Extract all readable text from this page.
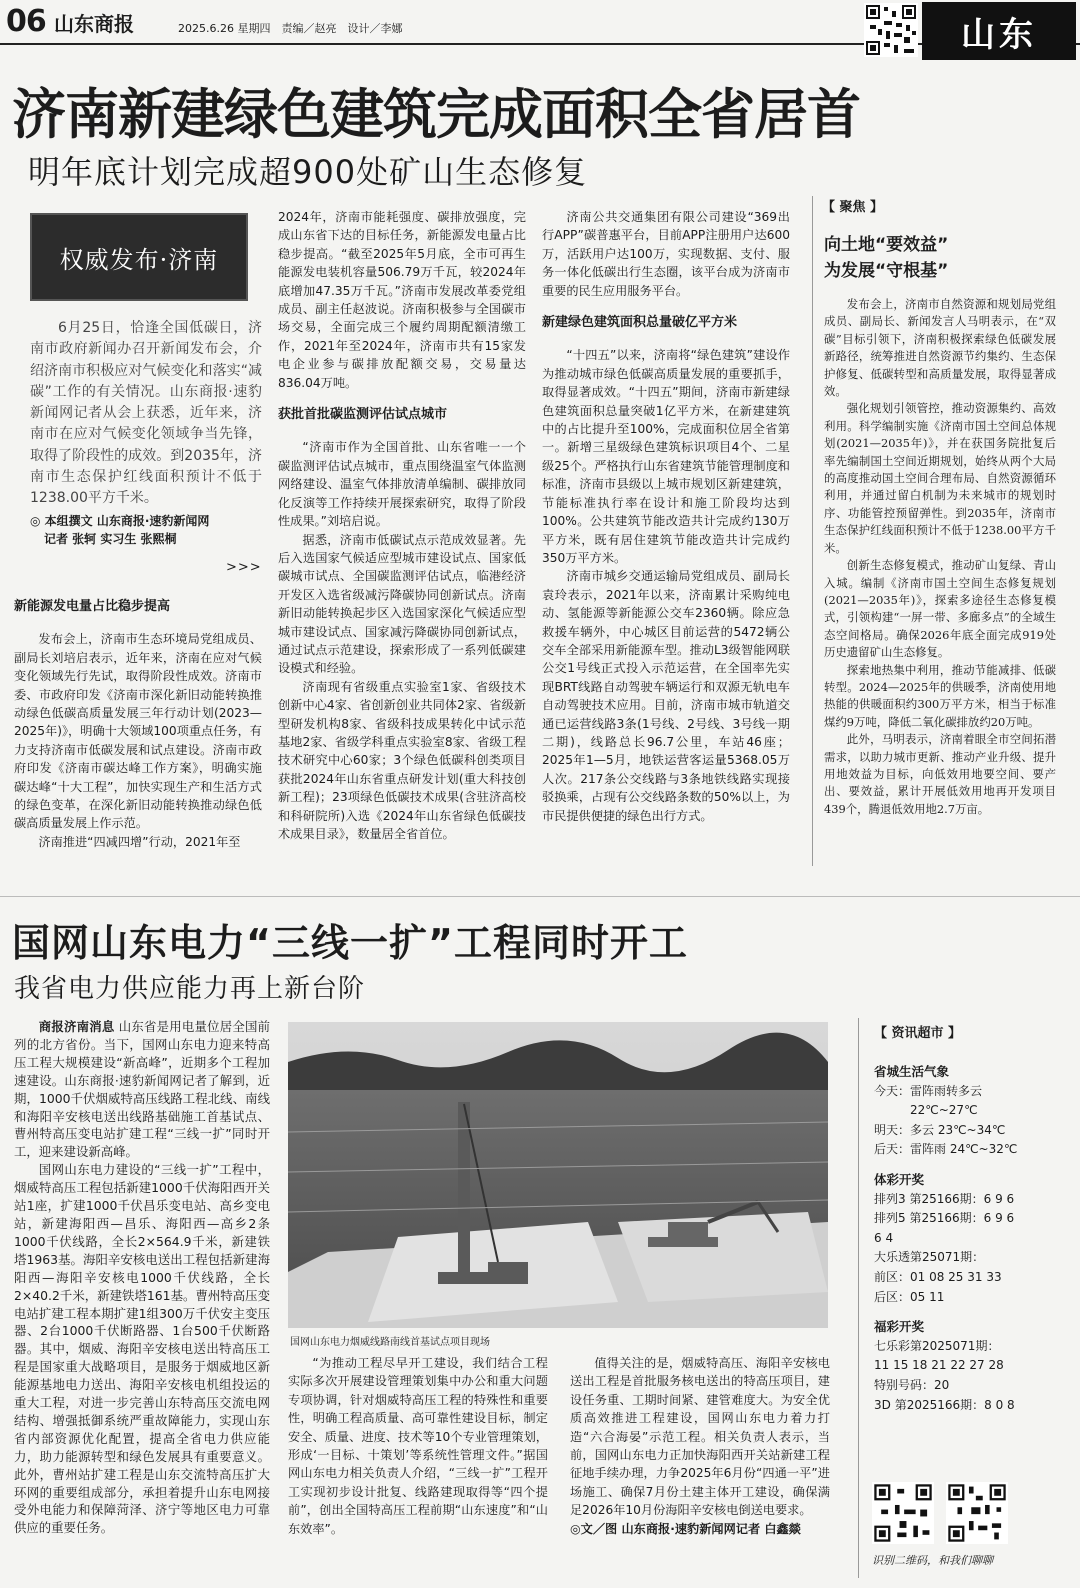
06 山东商报	2025.6.26 星期四　责编／赵亮　设计／李娜	山东
济南新建绿色建筑完成面积全省居首
明年底计划完成超900处矿山生态修复
权威发布·济南
6月25日，恰逢全国低碳日，济南市政府新闻办召开新闻发布会，介绍济南市积极应对气候变化和落实“减碳”工作的有关情况。山东商报·速豹新闻网记者从会上获悉，近年来，济南市在应对气候变化领域争当先锋，取得了阶段性的成效。到2035年，济南市生态保护红线面积预计不低于1238.00平方千米。
◎ 本组撰文 山东商报·速豹新闻网
记者 张轲 实习生 张熙桐
>>>
新能源发电量占比稳步提高

发布会上，济南市生态环境局党组成员、副局长刘培启表示，近年来，济南在应对气候变化领域先行先试，取得阶段性成效。济南市委、市政府印发《济南市深化新旧动能转换推动绿色低碳高质量发展三年行动计划(2023—2025年)》，明确十大领域100项重点任务，有力支持济南市低碳发展和试点建设。济南市政府印发《济南市碳达峰工作方案》，明确实施碳达峰“十大工程”，加快实现生产和生活方式的绿色变革，在深化新旧动能转换推动绿色低碳高质量发展上作示范。

济南推进“四减四增”行动，2021年至

2024年，济南市能耗强度、碳排放强度，完成山东省下达的目标任务，新能源发电量占比稳步提高。“截至2025年5月底，全市可再生能源发电装机容量506.79万千瓦，较2024年底增加47.35万千瓦。”济南市发展改革委党组成员、副主任赵波说。济南积极参与全国碳市场交易，全面完成三个履约周期配额清缴工作，2021年至2024年，济南市共有15家发电企业参与碳排放配额交易，交易量达836.04万吨。

获批首批碳监测评估试点城市

“济南市作为全国首批、山东省唯一一个碳监测评估试点城市，重点围绕温室气体监测网络建设、温室气体排放清单编制、碳排放同化反演等工作持续开展探索研究，取得了阶段性成果。”刘培启说。

据悉，济南市低碳试点示范成效显著。先后入选国家气候适应型城市建设试点、国家低碳城市试点、全国碳监测评估试点，临港经济开发区入选省级减污降碳协同创新试点。济南新旧动能转换起步区入选国家深化气候适应型城市建设试点、国家减污降碳协同创新试点，通过试点示范建设，探索形成了一系列低碳建设模式和经验。

济南现有省级重点实验室1家、省级技术创新中心4家、省创新创业共同体2家、省级新型研发机构8家、省级科技成果转化中试示范基地2家、省级学科重点实验室8家、省级工程技术研究中心60家；3个绿色低碳科创类项目获批2024年山东省重点研发计划(重大科技创新工程)；23项绿色低碳技术成果(含驻济高校和科研院所)入选《2024年山东省绿色低碳技术成果目录》，数量居全省首位。

济南公共交通集团有限公司建设“369出行APP”碳普惠平台，目前APP注册用户达600万，活跃用户达100万，实现数据、支付、服务一体化低碳出行生态圈，该平台成为济南市重要的民生应用服务平台。

新建绿色建筑面积总量破亿平方米

“十四五”以来，济南将“绿色建筑”建设作为推动城市绿色低碳高质量发展的重要抓手，取得显著成效。“十四五”期间，济南市新建绿色建筑面积总量突破1亿平方米，在新建建筑中的占比提升至100%，完成面积位居全省第一。新增三星级绿色建筑标识项目4个、二星级25个。严格执行山东省建筑节能管理制度和标准，济南市县级以上城市规划区新建建筑，节能标准执行率在设计和施工阶段均达到100%。公共建筑节能改造共计完成约130万平方米，既有居住建筑节能改造共计完成约350万平方米。

济南市城乡交通运输局党组成员、副局长袁玲表示，2021年以来，济南累计采购纯电动、氢能源等新能源公交车2360辆。除应急救援车辆外，中心城区目前运营的5472辆公交车全部采用新能源车型。推动L3级智能网联公交1号线正式投入示范运营，在全国率先实现BRT线路自动驾驶车辆运行和双源无轨电车自动驾驶技术应用。目前，济南市城市轨道交通已运营线路3条(1号线、2号线、3号线一期二期)，线路总长96.7公里，车站46座；2025年1—5月，地铁运营客运量5368.05万人次。217条公交线路与3条地铁线路实现接驳换乘，占现有公交线路条数的50%以上，为市民提供便捷的绿色出行方式。

【 聚焦 】
向土地“要效益”
为发展“守根基”

发布会上，济南市自然资源和规划局党组成员、副局长、新闻发言人马明表示，在“双碳”目标引领下，济南积极探索绿色低碳发展新路径，统筹推进自然资源节约集约、生态保护修复、低碳转型和高质量发展，取得显著成效。

强化规划引领管控，推动资源集约、高效利用。科学编制实施《济南市国土空间总体规划(2021—2035年)》，并在获国务院批复后率先编制国土空间近期规划，始终从两个大局的高度推动国土空间合理布局、自然资源循环利用，并通过留白机制为未来城市的规划时序、功能管控预留弹性。到2035年，济南市生态保护红线面积预计不低于1238.00平方千米。

创新生态修复模式，推动矿山复绿、青山入城。编制《济南市国土空间生态修复规划(2021—2035年)》，探索多途径生态修复模式，引领构建“一屏一带、多廊多点”的全域生态空间格局。确保2026年底全面完成919处历史遗留矿山生态修复。

探索地热集中利用，推动节能减排、低碳转型。2024—2025年的供暖季，济南使用地热能的供暖面积约300万平方米，相当于标准煤约9万吨，降低二氧化碳排放约20万吨。

此外，马明表示，济南着眼全市空间拓潜需求，以助力城市更新、推动产业升级、提升用地效益为目标，向低效用地要空间、要产出、要效益，累计开展低效用地再开发项目439个，腾退低效用地2.7万亩。

国网山东电力“三线一扩”工程同时开工
我省电力供应能力再上新台阶

商报济南消息 山东省是用电量位居全国前列的北方省份。当下，国网山东电力迎来特高压工程大规模建设“新高峰”，近期多个工程加速建设。山东商报·速豹新闻网记者了解到，近期，1000千伏烟威特高压线路工程北线、南线和海阳辛安核电送出线路基础施工首基试点、曹州特高压变电站扩建工程“三线一扩”同时开工，迎来建设新高峰。

国网山东电力建设的“三线一扩”工程中，烟威特高压工程包括新建1000千伏海阳西开关站1座，扩建1000千伏昌乐变电站、高乡变电站，新建海阳西—昌乐、海阳西—高乡2条1000千伏线路，全长2×564.9千米，新建铁塔1963基。海阳辛安核电送出工程包括新建海阳西—海阳辛安核电1000千伏线路，全长2×40.2千米，新建铁塔161基。曹州特高压变电站扩建工程本期扩建1组300万千伏安主变压器、2台1000千伏断路器、1台500千伏断路器。其中，烟威、海阳辛安核电送出特高压工程是国家重大战略项目，是服务于烟威地区新能源基地电力送出、海阳辛安核电机组投运的重大工程，对进一步完善山东特高压交流电网结构、增强抵御系统严重故障能力，实现山东省内部资源优化配置，提高全省电力供应能力，助力能源转型和绿色发展具有重要意义。此外，曹州站扩建工程是山东交流特高压扩大环网的重要组成部分，承担着提升山东电网接受外电能力和保障菏泽、济宁等地区电力可靠供应的重要任务。

国网山东电力烟威线路南线首基试点项目现场

“为推动工程尽早开工建设，我们结合工程实际多次开展建设管理策划集中办公和重大问题专项协调，针对烟威特高压工程的特殊性和重要性，明确工程高质量、高可靠性建设目标，制定安全、质量、进度、技术等10个专业管理策划，形成‘一目标、十策划’等系统性管理文件。”据国网山东电力相关负责人介绍，“三线一扩”工程开工实现初步设计批复、线路建现取得等“四个提前”，创出全国特高压工程前期“山东速度”和“山东效率”。

值得关注的是，烟威特高压、海阳辛安核电送出工程是首批服务核电送出的特高压项目，建设任务重、工期时间紧、建管难度大。为安全优质高效推进工程建设，国网山东电力着力打造“六合海晏”示范工程。相关负责人表示，当前，国网山东电力正加快海阳西开关站新建工程征地手续办理，力争2025年6月份“四通一平”进场施工、确保7月份土建主体开工建设，确保满足2026年10月份海阳辛安核电倒送电要求。

◎文／图 山东商报·速豹新闻网记者 白鑫燚

【 资讯超市 】
省城生活气象
今天：雷阵雨转多云
22℃~27℃
明天：多云 23℃~34℃
后天：雷阵雨 24℃~32℃
体彩开奖
排列3 第25166期：6 9 6
排列5 第25166期：6 9 6
6 4
大乐透第25071期：
前区：01 08 25 31 33
后区：05 11
福彩开奖
七乐彩第2025071期：
11 15 18 21 22 27 28
特别号码：20
3D 第2025166期：8 0 8
识别二维码，和我们聊聊
